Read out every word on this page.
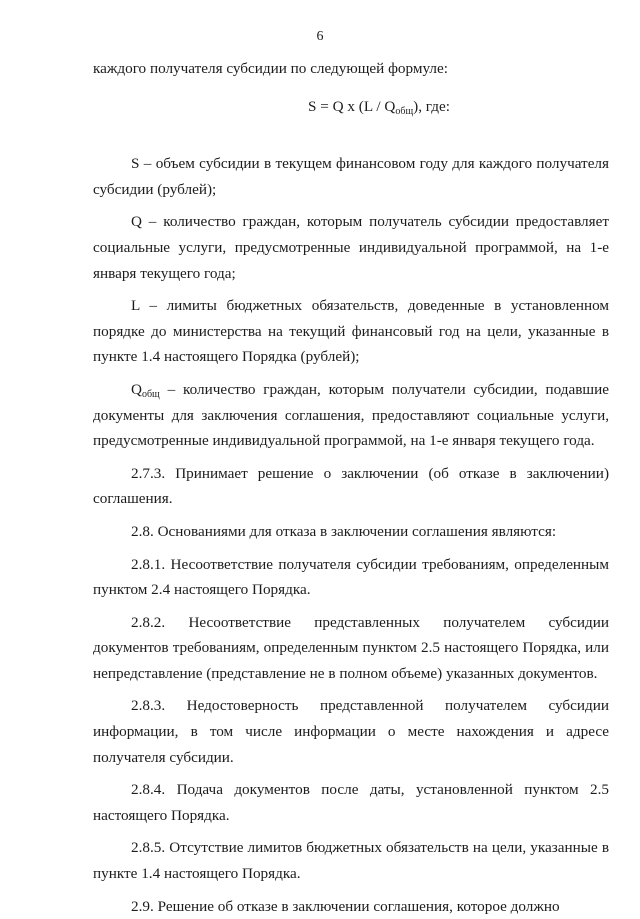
6

каждого получателя субсидии по следующей формуле:

S = Q x $(L / Q_{общ})$, где:

S – объем субсидии в текущем финансовом году для каждого получателя субсидии (рублей);

Q – количество граждан, которым получатель субсидии предоставляет социальные услуги, предусмотренные индивидуальной программой, на 1-е января текущего года;

L – лимиты бюджетных обязательств, доведенные в установленном порядке до министерства на текущий финансовый год на цели, указанные в пункте 1.4 настоящего Порядка (рублей);

$Q_{общ}$ – количество граждан, которым получатели субсидии, подавшие документы для заключения соглашения, предоставляют социальные услуги, предусмотренные индивидуальной программой, на 1-е января текущего года.

2.7.3. Принимает решение о заключении (об отказе в заключении) соглашения.

2.8. Основаниями для отказа в заключении соглашения являются:

2.8.1. Несоответствие получателя субсидии требованиям, определенным пунктом 2.4 настоящего Порядка.

2.8.2. Несоответствие представленных получателем субсидии документов требованиям, определенным пунктом 2.5 настоящего Порядка, или непредставление (представление не в полном объеме) указанных документов.

2.8.3. Недостоверность представленной получателем субсидии информации, в том числе информации о месте нахождения и адресе получателя субсидии.

2.8.4. Подача документов после даты, установленной пунктом 2.5 настоящего Порядка.

2.8.5. Отсутствие лимитов бюджетных обязательств на цели, указанные в пункте 1.4 настоящего Порядка.

2.9. Решение об отказе в заключении соглашения, которое должно
